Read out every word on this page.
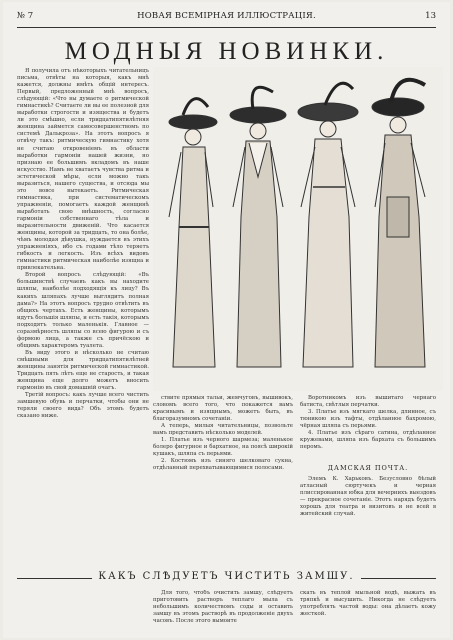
№ 7	НОВАЯ ВСЕМIРНАЯ ИЛЛЮСТРАЦIЯ.	13
МОДНЫЯ НОВИНКИ.

Я получила отъ нѣкоторыхъ читательницъ письма, отвѣты на которыя, какъ мнѣ кажется, должны имѣть общiй интересъ. Первый, предложенный мнѣ вопросъ, слѣдующiй: «Что вы думаете о ритмической гимнастикѣ? Считаете ли вы ее полезной для выработки строгости и изящества и будетъ ли это смѣшно, если тридцатипятилѣтняя женщина займется самосовершенствомъ по системѣ Далькроза». На этотъ вопросъ я отвѣчу такъ: ритмическую гимнастику хотя не считаю откровенiемъ въ области выработки гармонiи нашей жизни, но признаю ее большимъ вкладомъ въ наше искусство. Намъ не хватаетъ чувства ритма и эстетической мѣры, если можно такъ выразиться, нашего существа, и отсюда мы это вовсе вытекаетъ. Ритмическая гимнастика, при систематическомъ упражненiи, помогаетъ каждой женщинѣ выработать свою внѣшность, согласно гармонiи собственнаго тѣла и выразительности движенiй. Что касается женщины, которой за тридцать, то она болѣе, чѣмъ молодая дѣвушка, нуждается въ этихъ упражненiяхъ, ибо съ годами тѣло теряетъ гибкость и легкость. Изъ всѣхъ видовъ гимнастики ритмическая наиболѣе изящна и привлекательна.

Второй вопросъ слѣдующiй: «Въ большинствѣ случаевъ какъ вы находите шляпы, наиболѣе подходящiя къ лицу? Въ какихъ шляпахъ лучше выглядитъ полная дама?» На этотъ вопросъ трудно отвѣтить въ общихъ чертахъ. Есть женщины, которымъ идутъ большiя шляпы, и есть такiя, которымъ подходятъ только маленькiя. Главное — соразмѣрность шляпы со всею фигурою и съ формою лица, а также съ причёскою и общимъ характеромъ туалета.

Въ виду этого и нѣсколько не считаю смѣшными для тридцатипятилѣтней женщины занятiя ритмической гимнастикой. Тридцать пять лѣтъ еще не старость, и такая женщина еще долго можетъ вносить гармонiю въ свой домашнiй очагъ.

Третiй вопросъ: какъ лучше всего чистить замшевую обувь и перчатки, чтобы они не теряли своего вида? Объ этомъ будетъ сказано ниже.

ствите прямыя тальи, жемчуговъ, вышивокъ, словомъ всего того, что покажется вамъ красивымъ и изящнымъ, можетъ быть, въ благоразумномъ сочетанiи.

А теперь, милыя читательницы, позвольте вамъ представить нѣсколько моделей.

1. Платье изъ черного шармеза; маленькое болеро фигурное и бархатное, на поясѣ широкiй кушакъ, шляпа съ перьями.

2. Костюмъ изъ синяго шелковаго сукна, отдѣланный перехватывающимися полосами.

Воротникомъ изъ вышитаго чернаго батиста, свѣтлыя перчатки.

3. Платье изъ мягкаго шелка, длинное, съ тюникою изъ тафты, отдѣланное бахромою, чёрная шляпа съ перьями.

4. Платье изъ сѣраго сатина, отдѣланное кружевами, шляпа изъ бархата съ большимъ перомъ.

ДАМСКАЯ ПОЧТА.

Элемъ К. Харьковъ. Безусловно бѣлый атласный сюртучекъ и черная плиссированная юбка для вечернихъ выездовъ — прекрасное сочетанiе. Этотъ нарядъ будетъ хорошъ для театра и визитовъ и не всей в житейский случай.

КАКЪ СЛѢДУЕТЪ ЧИСТИТЬ ЗАМШУ.

Для того, чтобъ очистить замшу, слѣдуетъ приготовить растворъ теплаго мыла съ небольшимъ количествомъ соды и оставить замшу въ этомъ растворѣ въ продолженiе двухъ часовъ. После этого вымоите

скать въ теплой мыльной водѣ, выжать въ тряпкѣ и высушить. Никогда не слѣдуетъ употреблять частой воды: она дѣлаетъ кожу жесткой.
